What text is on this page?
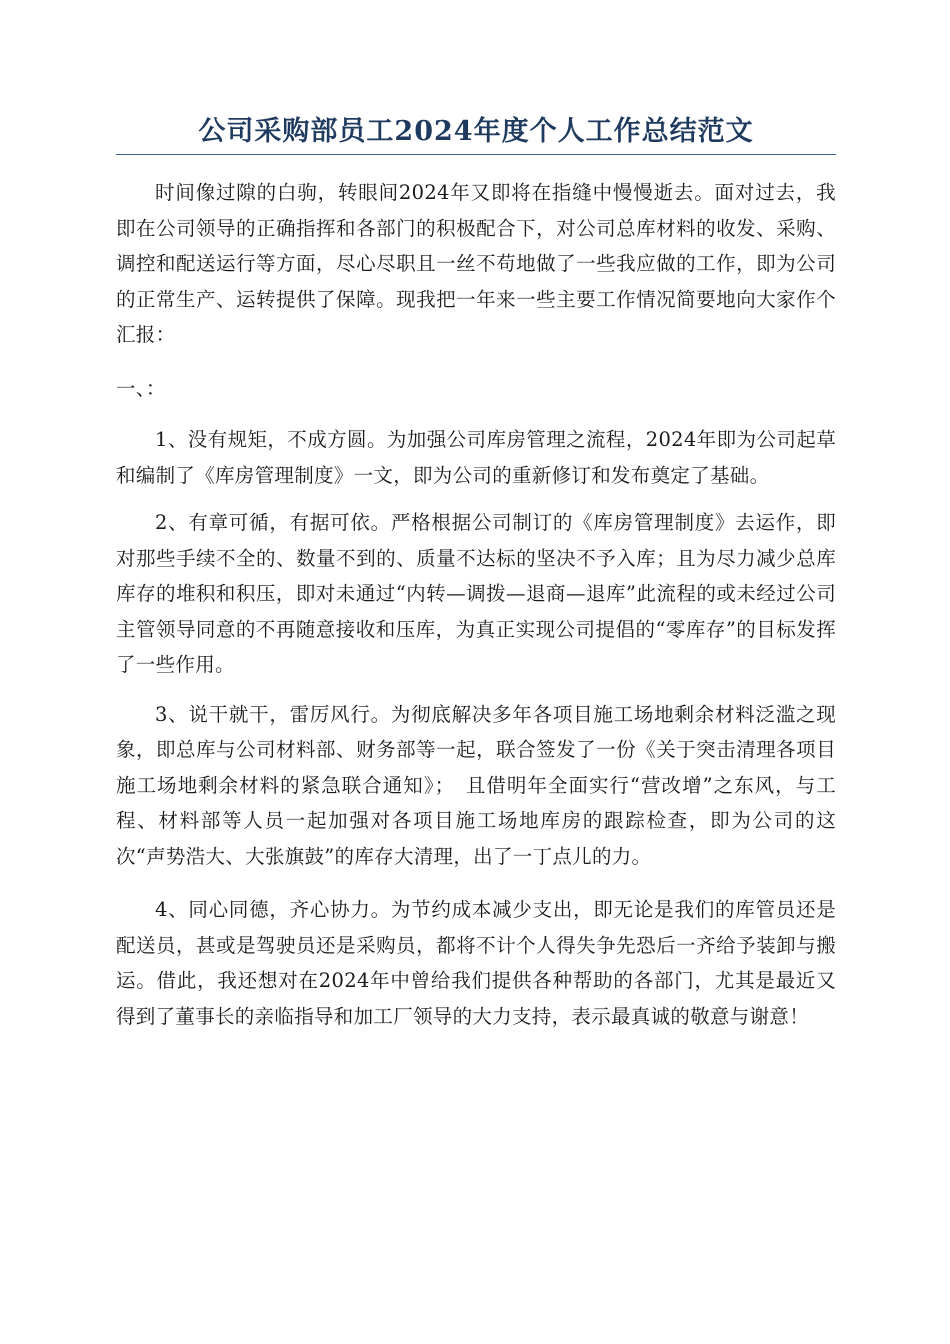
公司采购部员工2024年度个人工作总结范文

时间像过隙的白驹，转眼间2024年又即将在指缝中慢慢逝去。面对过去，我即在公司领导的正确指挥和各部门的积极配合下，对公司总库材料的收发、采购、调控和配送运行等方面，尽心尽职且一丝不苟地做了一些我应做的工作，即为公司的正常生产、运转提供了保障。现我把一年来一些主要工作情况简要地向大家作个汇报：

一、：

1、没有规矩，不成方圆。为加强公司库房管理之流程，2024年即为公司起草和编制了《库房管理制度》一文，即为公司的重新修订和发布奠定了基础。

2、有章可循，有据可依。严格根据公司制订的《库房管理制度》去运作，即对那些手续不全的、数量不到的、质量不达标的坚决不予入库；且为尽力减少总库库存的堆积和积压，即对未通过“内转—调拨—退商—退库”此流程的或未经过公司主管领导同意的不再随意接收和压库，为真正实现公司提倡的“零库存”的目标发挥了一些作用。

3、说干就干，雷厉风行。为彻底解决多年各项目施工场地剩余材料泛滥之现象，即总库与公司材料部、财务部等一起，联合签发了一份《关于突击清理各项目施工场地剩余材料的紧急联合通知》；　且借明年全面实行“营改增”之东风，与工程、材料部等人员一起加强对各项目施工场地库房的跟踪检查，即为公司的这次“声势浩大、大张旗鼓”的库存大清理，出了一丁点儿的力。

4、同心同德，齐心协力。为节约成本减少支出，即无论是我们的库管员还是配送员，甚或是驾驶员还是采购员，都将不计个人得失争先恐后一齐给予装卸与搬运。借此，我还想对在2024年中曾给我们提供各种帮助的各部门，尤其是最近又得到了董事长的亲临指导和加工厂领导的大力支持，表示最真诚的敬意与谢意！
